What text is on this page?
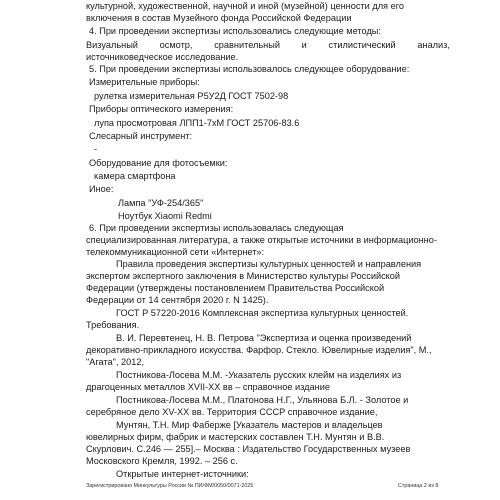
культурной, художественной, научной и иной (музейной) ценности для его

включения в состав Музейного фонда Российской Федерации

4. При проведении экспертизы использовались следующие методы:

Визуальный осмотр, сравнительный и стилистический анализ,

источниковедческое исследование.

5. При проведении экспертизы использовалось следующее оборудование:

Измерительные приборы:

рулетка измерительная Р5У2Д ГОСТ 7502-98

Приборы оптического измерения:

лупа просмотровая ЛПП1-7хМ ГОСТ 25706-83.6

Слесарный инструмент:

-

Оборудование для фотосъемки:

камера смартфона

Иное:

Лампа "УФ-254/365"

Ноутбук Xiaomi Redmi

6. При проведении экспертизы использовалась следующая

специализированная литература, а также открытые источники в информационно-

телекоммуникационной сети «Интернет»:

Правила проведения экспертизы культурных ценностей и направления

экспертом экспертного заключения в Министерство культуры Российской

Федерации (утверждены постановлением Правительства Российской

Федерации от 14 сентября 2020 г. N 1425).

ГОСТ Р 57220-2016 Комплексная экспертиза культурных ценностей.

Требования.

В. И. Перевтенец, Н. В. Петрова "Экспертиза и оценка произведений

декоративно-прикладного искусства. Фарфор. Стекло. Ювелирные изделия", М.,

"Агата", 2012,

Постникова-Лосева М.М. -Указатель русских клейм на изделиях из

драгоценных металлов XVII-XX вв – справочное издание

Постникова-Лосева М.М., Платонова Н.Г., Ульянова Б.Л. - Золотое и

серебряное дело XV-XX вв. Территория СССР справочное издание,

Мунтян, Т.Н. Мир Фаберже [Указатель мастеров и владельцев

ювелирных фирм, фабрик и мастерских составлен Т.Н. Мунтян и В.В.

Скурлович. С.246 — 255].– Москва : Издательство Государственных музеев

Московского Кремля, 1992. – 256 с.

Открытые интернет-источники:

Зарегистрировано Минкультуры России № ПИ/ФМ/0050/0071-2025	Страница 2 из 8
